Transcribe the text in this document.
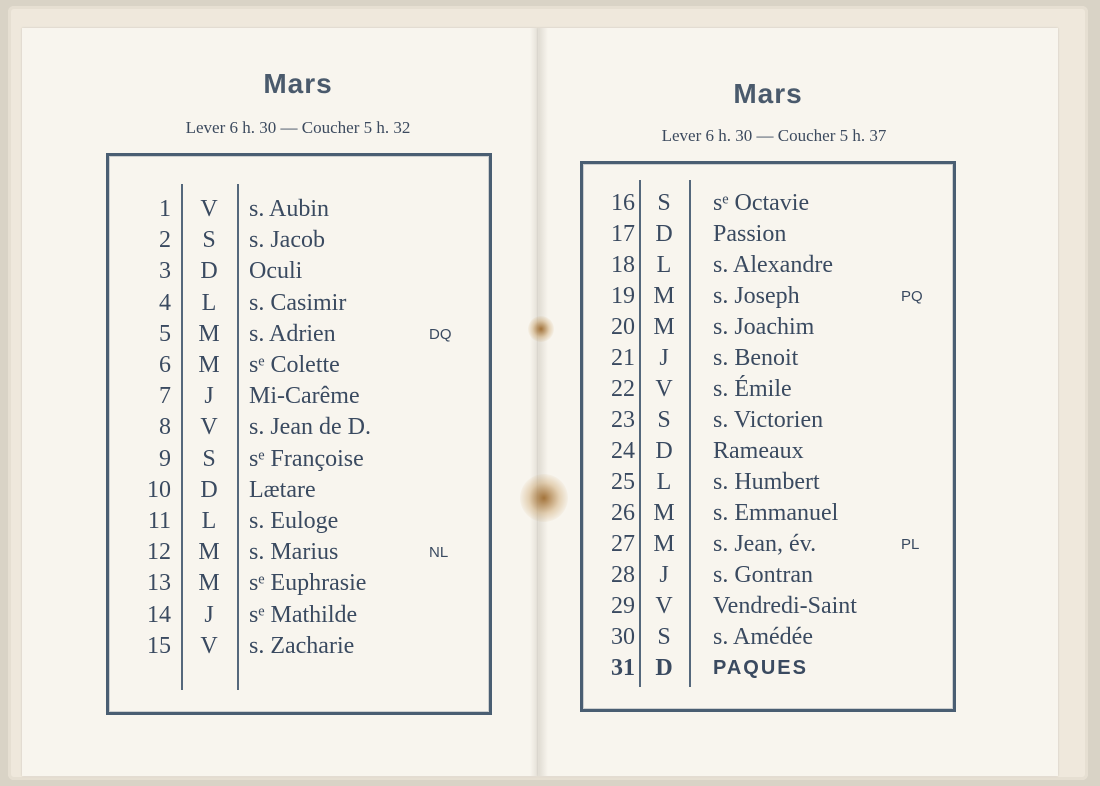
Mars
Lever 6 h. 30 — Coucher 5 h. 32
Mars
Lever 6 h. 30 — Coucher 5 h. 37
1	V	s. Aubin
2	S	s. Jacob
3	D	Oculi
4	L	s. Casimir
5	M	s. Adrien	DQ
6	M	sᵉ Colette
7	J	Mi-Carême
8	V	s. Jean de D.
9	S	sᵉ Françoise
10	D	Lætare
11	L	s. Euloge
12	M	s. Marius	NL
13	M	sᵉ Euphrasie
14	J	sᵉ Mathilde
15	V	s. Zacharie
16 S	sᵉ Octavie
17 D	Passion
18 L	s. Alexandre
19 M	s. Joseph	PQ
20 M	s. Joachim
21	J	s. Benoit
22 V	s. Émile
23 S	s. Victorien
24 D	Rameaux
25 L	s. Humbert
26 M	s. Emmanuel
27 M	s. Jean, év.	PL
28	J	s. Gontran
29 V	Vendredi-Saint
30 S	s. Amédée
31 D	PAQUES
